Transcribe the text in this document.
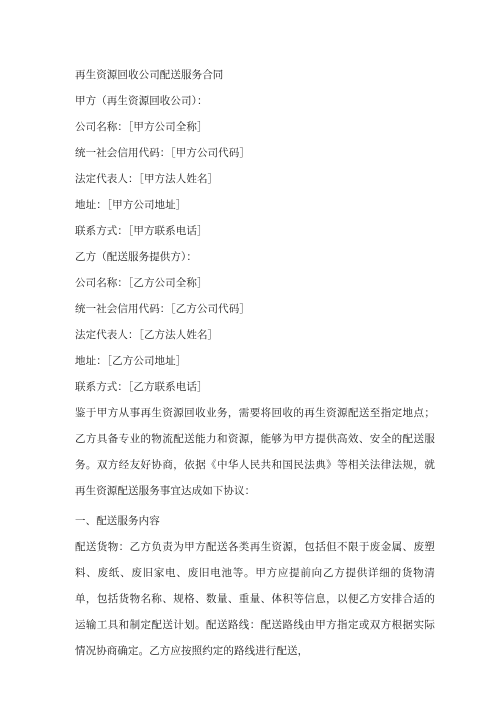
再生资源回收公司配送服务合同
甲方（再生资源回收公司）：
公司名称：［甲方公司全称］
统一社会信用代码：［甲方公司代码］
法定代表人：［甲方法人姓名］
地址：［甲方公司地址］
联系方式：［甲方联系电话］
乙方（配送服务提供方）：
公司名称：［乙方公司全称］
统一社会信用代码：［乙方公司代码］
法定代表人：［乙方法人姓名］
地址：［乙方公司地址］
联系方式：［乙方联系电话］
鉴于甲方从事再生资源回收业务，需要将回收的再生资源配送至指定地点；乙方具备专业的物流配送能力和资源，能够为甲方提供高效、安全的配送服务。双方经友好协商，依据《中华人民共和国民法典》等相关法律法规，就再生资源配送服务事宜达成如下协议：
一、配送服务内容
配送货物：乙方负责为甲方配送各类再生资源，包括但不限于废金属、废塑料、废纸、废旧家电、废旧电池等。甲方应提前向乙方提供详细的货物清单，包括货物名称、规格、数量、重量、体积等信息，以便乙方安排合适的运输工具和制定配送计划。配送路线：配送路线由甲方指定或双方根据实际情况协商确定。乙方应按照约定的路线进行配送，
